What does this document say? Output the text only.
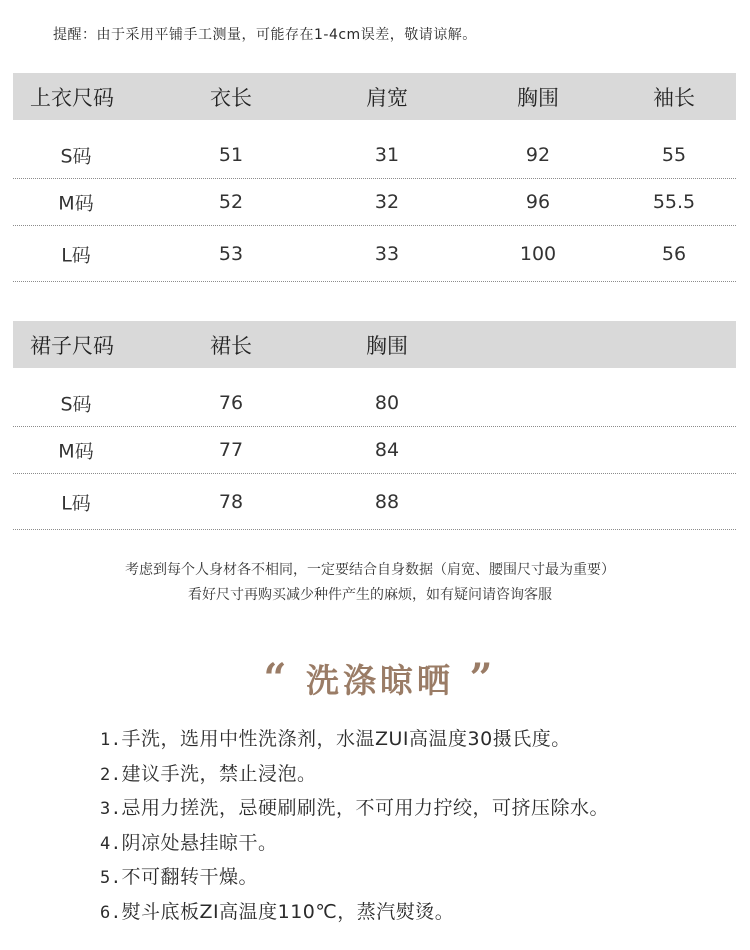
提醒：由于采用平铺手工测量，可能存在1-4cm误差，敬请谅解。
上衣尺码	衣长	肩宽	胸围	袖长
S码	51	31	92	55
M码	52	32	96	55.5
L码	53	33	100	56
裙子尺码	裙长	胸围
S码	76	80
M码	77	84
L码	78	88
考虑到每个人身材各不相同，一定要结合自身数据（肩宽、腰围尺寸最为重要）
看好尺寸再购买减少种件产生的麻烦，如有疑问请咨询客服
“ 洗涤晾晒 ”
1.手洗，选用中性洗涤剂，水温ZUI高温度30摄氏度。
2.建议手洗，禁止浸泡。
3.忌用力搓洗，忌硬刷刷洗，不可用力拧绞，可挤压除水。
4.阴凉处悬挂晾干。
5.不可翻转干燥。
6.熨斗底板ZI高温度110℃，蒸汽熨烫。
